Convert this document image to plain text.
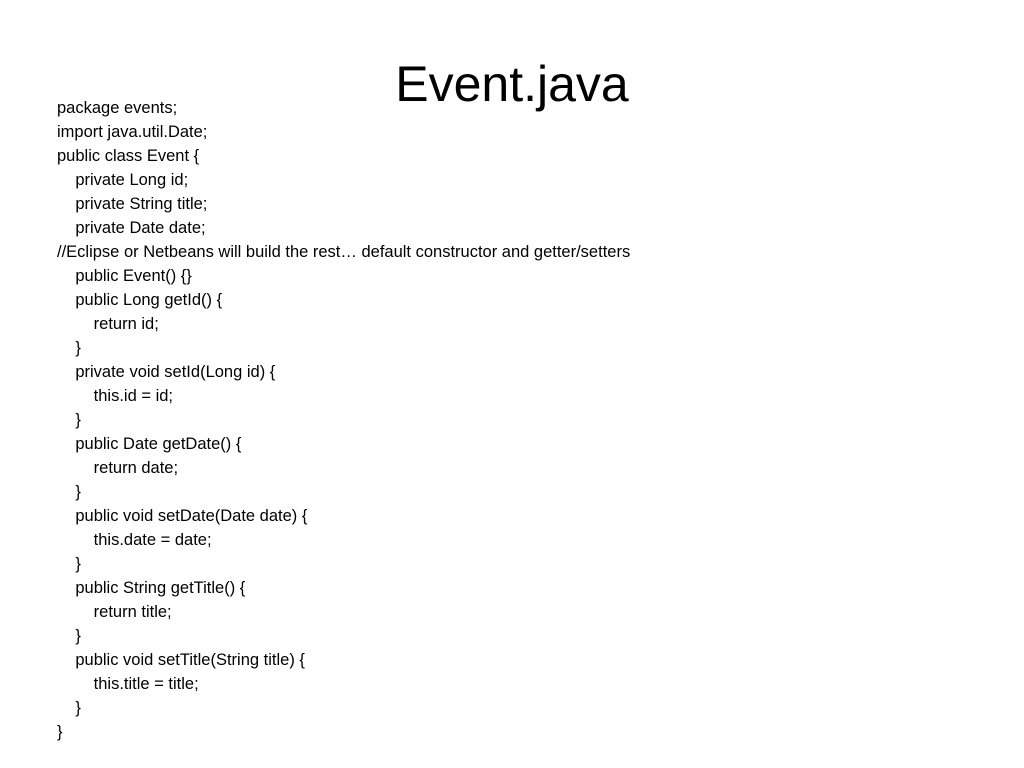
Event.java
package events;
import java.util.Date;
public class Event {
private Long id;
private String title;
private Date date;
//Eclipse or Netbeans will build the rest… default constructor and getter/setters
public Event() {}
public Long getId() {
return id;
}
private void setId(Long id) {
this.id = id;
}
public Date getDate() {
return date;
}
public void setDate(Date date) {
this.date = date;
}
public String getTitle() {
return title;
}
public void setTitle(String title) {
this.title = title;
}
}
